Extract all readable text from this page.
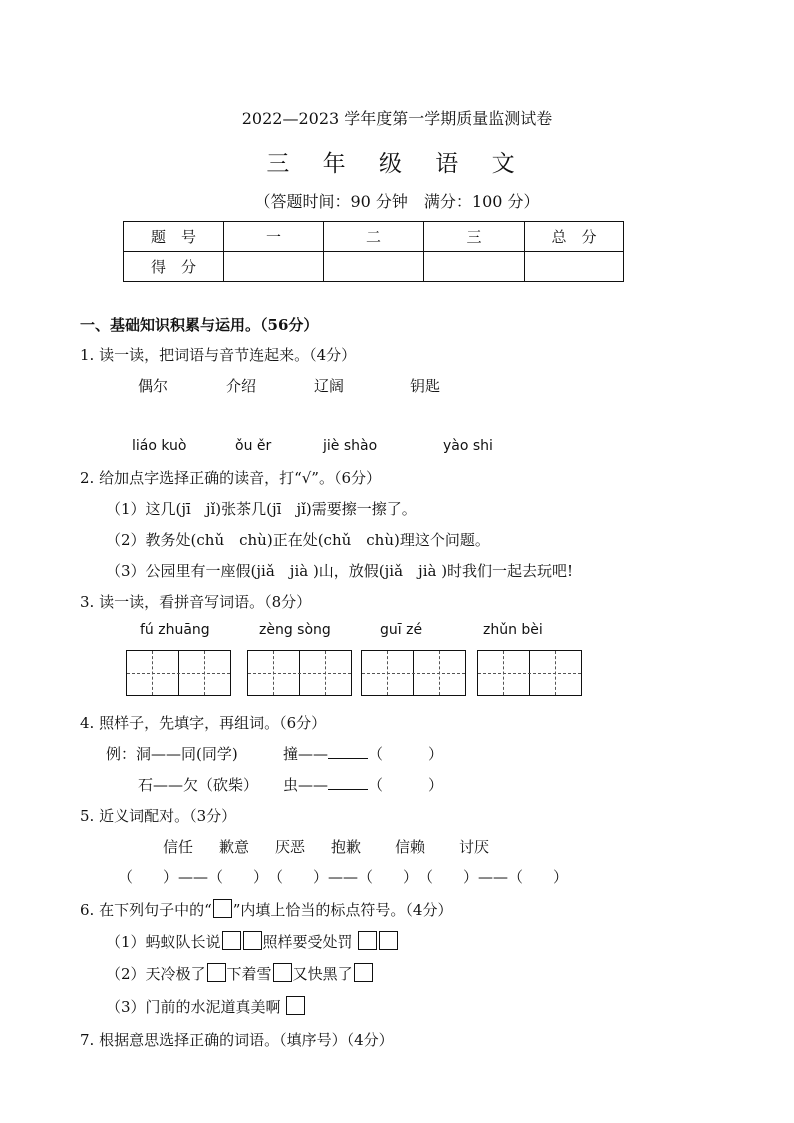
2022—2023 学年度第一学期质量监测试卷
三 年 级 语 文
（答题时间：90 分钟　满分：100 分）
题　号	一	二	三	总　分
得　分				
一、基础知识积累与运用。（56分）
1. 读一读，把词语与音节连起来。（4分）
偶尔	介绍	辽阔	钥匙
liáo kuò	ǒu ěr	jiè shào	yào shi
2. 给加点字选择正确的读音，打“√”。（6分）
（1）这几(jī　jǐ)张茶几(jī　jǐ)需要擦一擦了。
（2）教务处(chǔ　chù)正在处(chǔ　chù)理这个问题。
（3）公园里有一座假(jiǎ　jià )山，放假(jiǎ　jià )时我们一起去玩吧!
3. 读一读，看拼音写词语。（8分）
fú zhuāng	zèng sòng	guī zé	zhǔn bèi
4. 照样子，先填字，再组词。（6分）
例：洞——同(同学)	撞——	（　　　）
石——欠（砍柴） 虫——	（　　　）
5. 近义词配对。（3分）
信任 歉意 厌恶 抱歉 信赖 讨厌
（　　）——（　　）　（　　）——（　　）　（　　）——（　　）
6. 在下列句子中的“ ”内填上恰当的标点符号。（4分）
（1）蚂蚁队长说	照样要受处罚
（2）天冷极了 下着雪 又快黑了
（3）门前的水泥道真美啊
7. 根据意思选择正确的词语。（填序号）（4分）
